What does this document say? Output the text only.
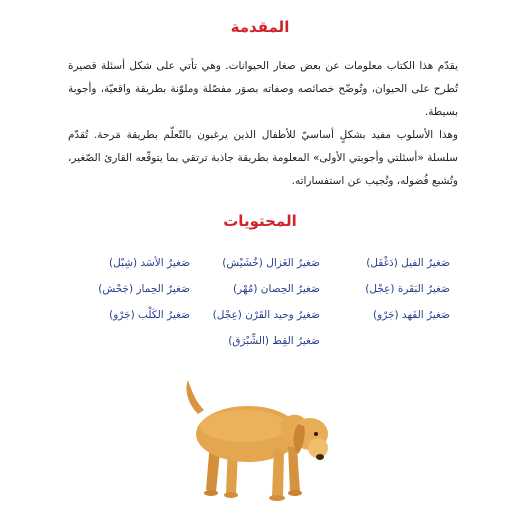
المقدمة

يقدّم هذا الكتاب معلومات عن بعض صغار الحيوانات. وهي تأتي على شكل أسئلة قصيرة تُطرح على الحيوان، وتُوضّح خصائصه وصفاته بصوَر مفصّلة وملوّنة بطريقة واقعيّة، وأجوبة بسيطة.

وهذا الأسلوب مفيد بشكلٍ أساسيّ للأطفال الذين يرغبون بالتّعلّم بطريقة مَرحة. تُقدّم سلسلة «أسئلتي وأجوبتي الأولى» المعلومة بطريقة جاذبة ترتقي بما يتوقّعه القارئ الصّغير، وتُشبع فُضوله، وتُجيب عن استفساراته.

المحتويات
صَغيرُ الفيل (دَغْفَل)
صَغيرُ الغَزال (خُشَيْش)
صَغيرُ الأسَد (شِبْل)
صَغيرُ البَقَرة (عِجْل)
صَغيرُ الحِصان (مُهْر)
صَغيرُ الحِمار (جَحْش)
صَغيرُ الفَهد (جَرْو)
صَغيرُ وحيد القَرْن (عِجْل)
صَغيرُ الكَلْب (جَرْو)
صَغيرُ القِط (الشِّبْرَق)
